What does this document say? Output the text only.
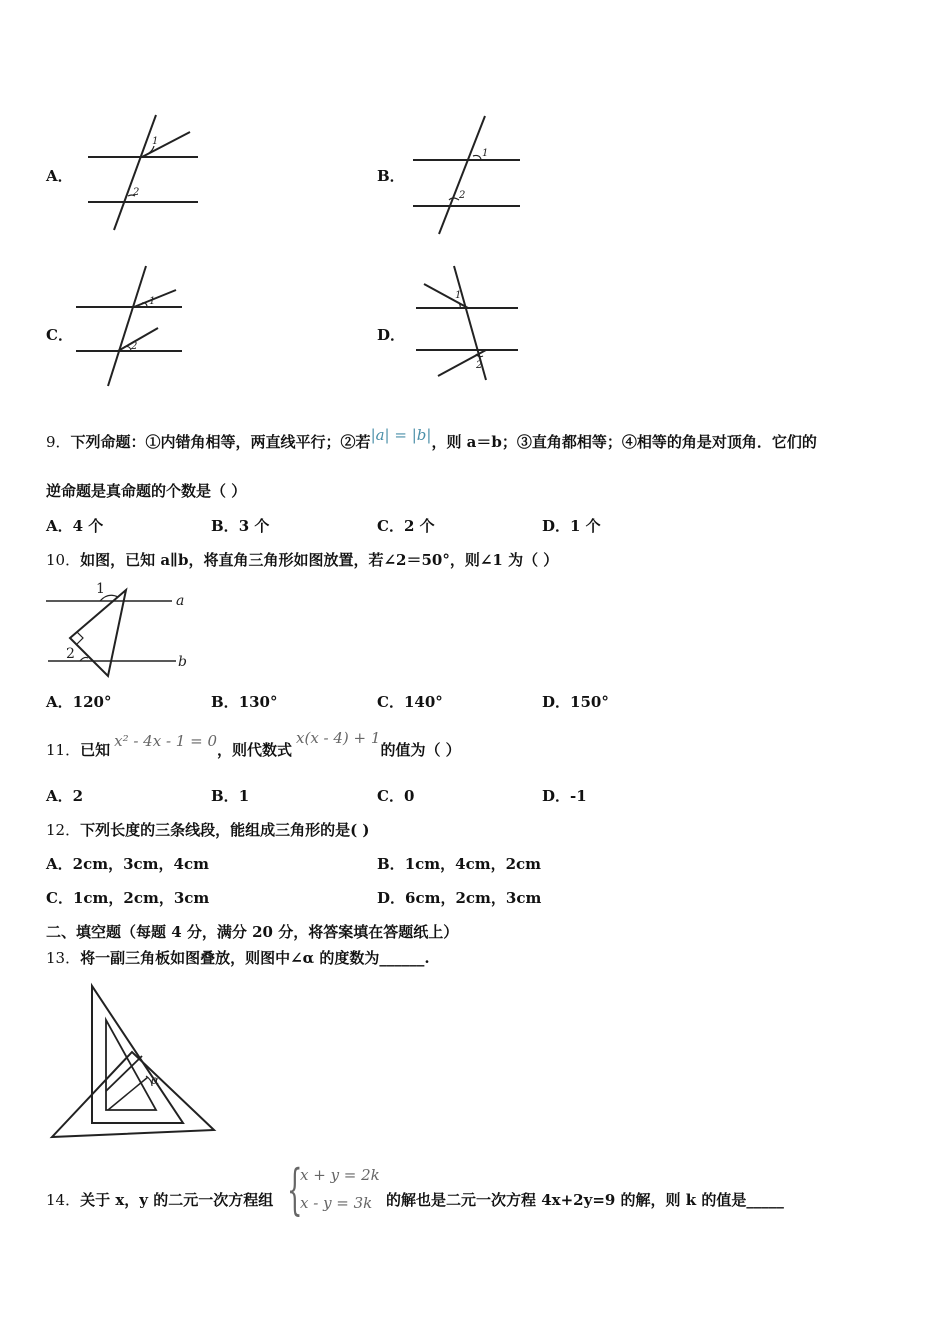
A．
1
2
B．
1
2
C．
1
2
D．
1
2
9．下列命题：①内错角相等，两直线平行；②若|a| = |b|，则 a＝b；③直角都相等；④相等的角是对顶角．它们的
逆命题是真命题的个数是（ ）
A．4 个	B．3 个	C．2 个	D．1 个
10．如图，已知 a∥b，将直角三角形如图放置，若∠2＝50°，则∠1 为（ ）
1
2
a
b
A．120°	B．130°	C．140°	D．150°
11．已知 x² - 4x - 1 = 0，则代数式x(x - 4) + 1的值为（ ）
A．2	B．1	C．0	D．-1
12．下列长度的三条线段，能组成三角形的是( )
A．2cm，3cm，4cm	B．1cm，4cm，2cm
C．1cm，2cm，3cm	D．6cm，2cm，3cm
二、填空题（每题 4 分，满分 20 分，将答案填在答题纸上）
13．将一副三角板如图叠放，则图中∠α 的度数为______.
α
14．关于 x，y 的二元一次方程组 {
x + y = 2k
x - y = 3k 的解也是二元一次方程 4x+2y=9 的解，则 k 的值是_____
